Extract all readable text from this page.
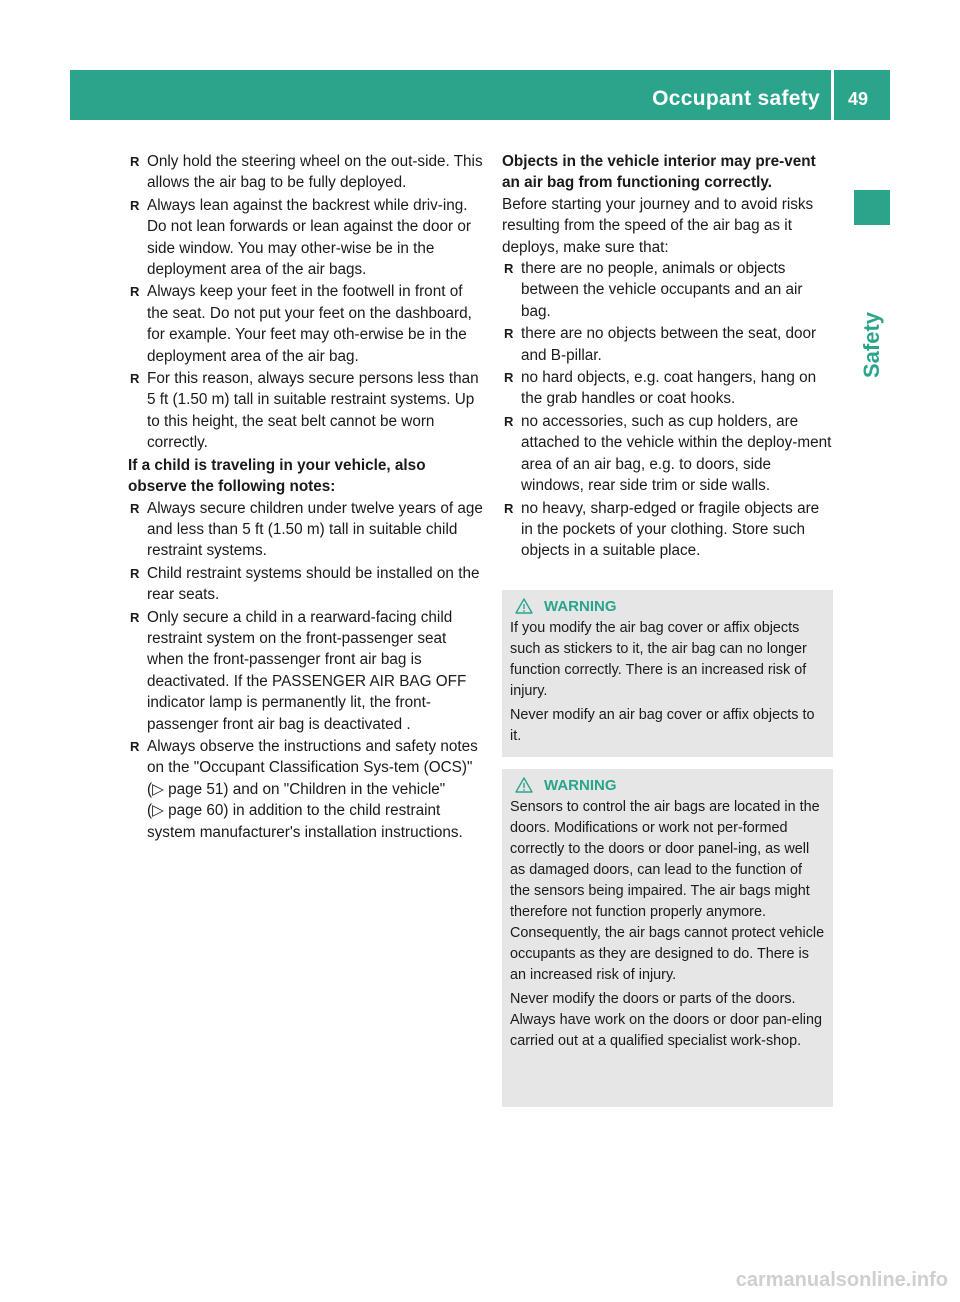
Occupant safety	49
Safety
R Only hold the steering wheel on the out-side. This allows the air bag to be fully deployed.
R Always lean against the backrest while driv-ing. Do not lean forwards or lean against the door or side window. You may other-wise be in the deployment area of the air bags.
R Always keep your feet in the footwell in front of the seat. Do not put your feet on the dashboard, for example. Your feet may oth-erwise be in the deployment area of the air bag.
R For this reason, always secure persons less than 5 ft (1.50 m) tall in suitable restraint systems. Up to this height, the seat belt cannot be worn correctly.

If a child is traveling in your vehicle, also observe the following notes:

R Always secure children under twelve years of age and less than 5 ft (1.50 m) tall in suitable child restraint systems.
R Child restraint systems should be installed on the rear seats.
R Only secure a child in a rearward-facing child restraint system on the front-passenger seat when the front-passenger front air bag is deactivated. If the PASSENGER AIR BAG OFF indicator lamp is permanently lit, the front-passenger front air bag is deactivated .
R Always observe the instructions and safety notes on the "Occupant Classification Sys-tem (OCS)" (▷ page 51) and on "Children in the vehicle" (▷ page 60) in addition to the child restraint system manufacturer's installation instructions.

Objects in the vehicle interior may pre-vent an air bag from functioning correctly.

Before starting your journey and to avoid risks resulting from the speed of the air bag as it deploys, make sure that:

R there are no people, animals or objects between the vehicle occupants and an air bag.
R there are no objects between the seat, door and B-pillar.
R no hard objects, e.g. coat hangers, hang on the grab handles or coat hooks.
R no accessories, such as cup holders, are attached to the vehicle within the deploy-ment area of an air bag, e.g. to doors, side windows, rear side trim or side walls.
R no heavy, sharp-edged or fragile objects are in the pockets of your clothing. Store such objects in a suitable place.
WARNING

If you modify the air bag cover or affix objects such as stickers to it, the air bag can no longer function correctly. There is an increased risk of injury.

Never modify an air bag cover or affix objects to it.

WARNING

Sensors to control the air bags are located in the doors. Modifications or work not per-formed correctly to the doors or door panel-ing, as well as damaged doors, can lead to the function of the sensors being impaired. The air bags might therefore not function properly anymore. Consequently, the air bags cannot protect vehicle occupants as they are designed to do. There is an increased risk of injury.

Never modify the doors or parts of the doors. Always have work on the doors or door pan-eling carried out at a qualified specialist work-shop.

carmanualsonline.info
